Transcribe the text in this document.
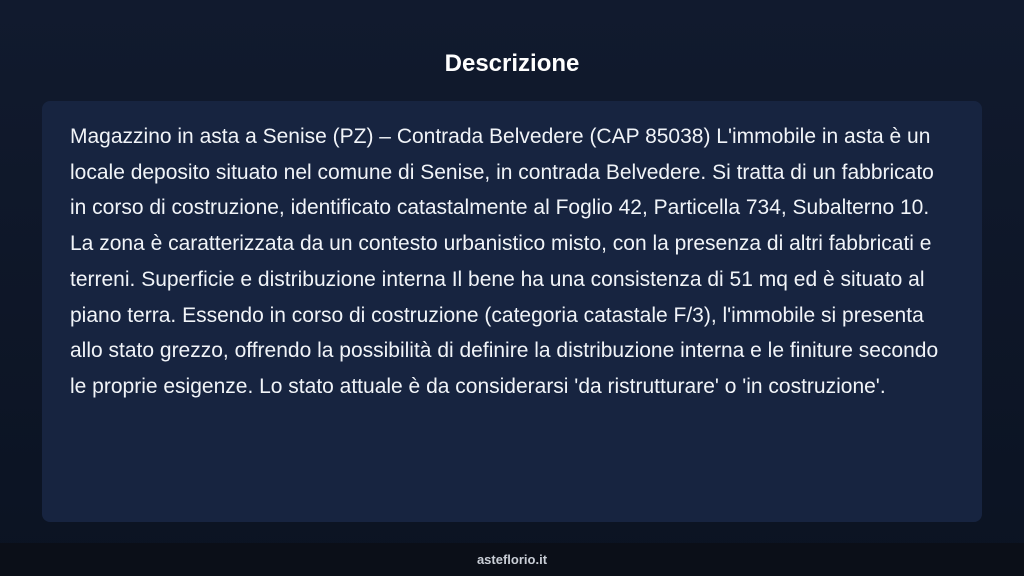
Descrizione

Magazzino in asta a Senise (PZ) – Contrada Belvedere (CAP 85038) L'immobile in asta è un locale deposito situato nel comune di Senise, in contrada Belvedere. Si tratta di un fabbricato in corso di costruzione, identificato catastalmente al Foglio 42, Particella 734, Subalterno 10. La zona è caratterizzata da un contesto urbanistico misto, con la presenza di altri fabbricati e terreni. Superficie e distribuzione interna Il bene ha una consistenza di 51 mq ed è situato al piano terra. Essendo in corso di costruzione (categoria catastale F/3), l'immobile si presenta allo stato grezzo, offrendo la possibilità di definire la distribuzione interna e le finiture secondo le proprie esigenze. Lo stato attuale è da considerarsi 'da ristrutturare' o 'in costruzione'.

asteflorio.it
